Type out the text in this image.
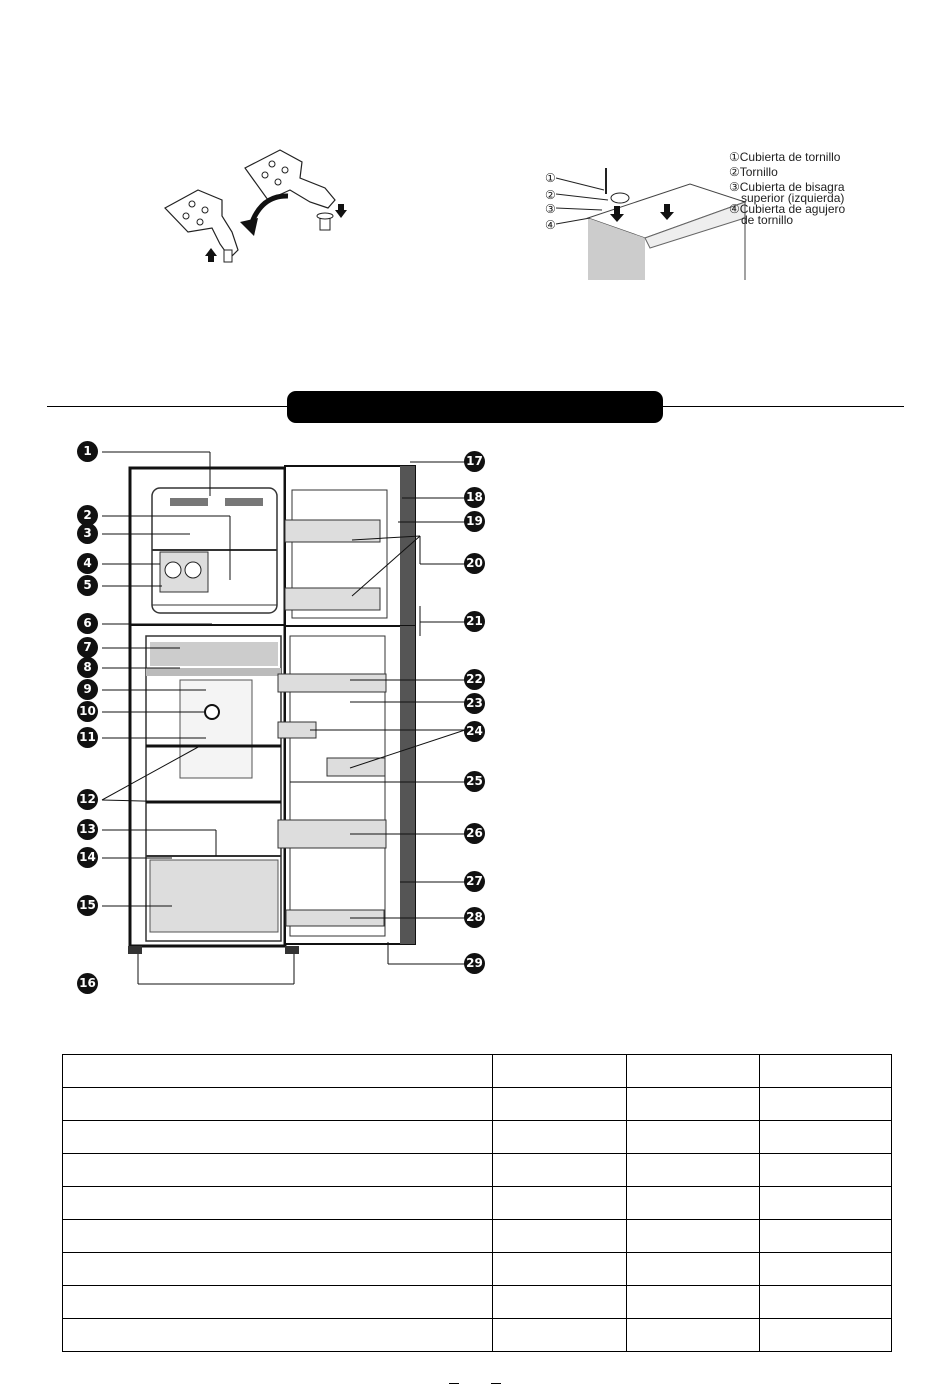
①
②
③
④
①Cubierta de tornillo
②Tornillo
③Cubierta de bisagra
superior (izquierda)
④Cubierta de agujero
de tornillo
1
2
3
4
5
6
7
8
9
10
11
12
13
14
15
16
17
18
19
20
21
22
23
24
25
26
27
28
29
